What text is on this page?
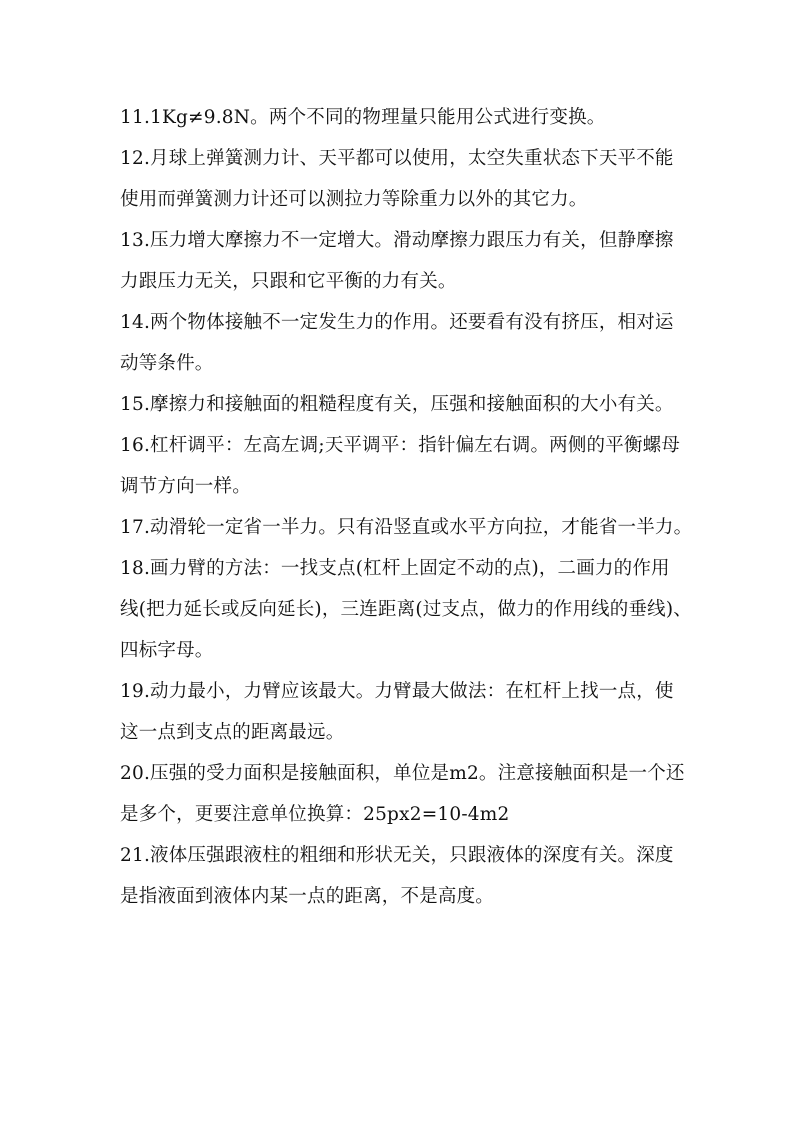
11.1Kg≠9.8N。两个不同的物理量只能用公式进行变换。
12.月球上弹簧测力计、天平都可以使用，太空失重状态下天平不能
使用而弹簧测力计还可以测拉力等除重力以外的其它力。
13.压力增大摩擦力不一定增大。滑动摩擦力跟压力有关，但静摩擦
力跟压力无关，只跟和它平衡的力有关。
14.两个物体接触不一定发生力的作用。还要看有没有挤压，相对运
动等条件。
15.摩擦力和接触面的粗糙程度有关，压强和接触面积的大小有关。
16.杠杆调平：左高左调;天平调平：指针偏左右调。两侧的平衡螺母
调节方向一样。
17.动滑轮一定省一半力。只有沿竖直或水平方向拉，才能省一半力。
18.画力臂的方法：一找支点(杠杆上固定不动的点)，二画力的作用
线(把力延长或反向延长)，三连距离(过支点，做力的作用线的垂线)、
四标字母。
19.动力最小，力臂应该最大。力臂最大做法：在杠杆上找一点，使
这一点到支点的距离最远。
20.压强的受力面积是接触面积，单位是m2。注意接触面积是一个还
是多个，更要注意单位换算：25px2=10-4m2
21.液体压强跟液柱的粗细和形状无关，只跟液体的深度有关。深度
是指液面到液体内某一点的距离，不是高度。
